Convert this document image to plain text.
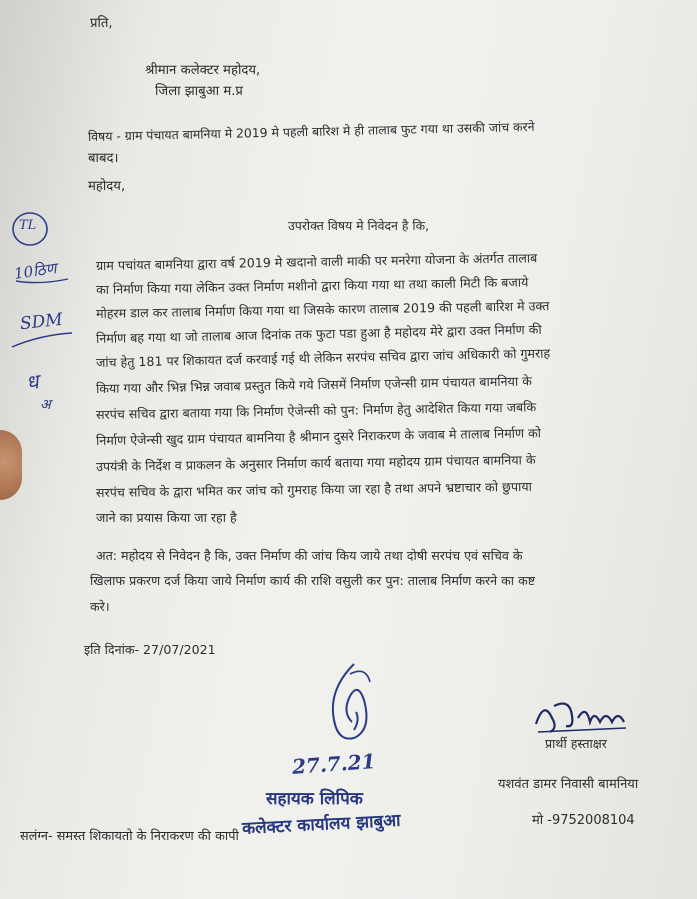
प्रति,
श्रीमान कलेक्टर महोदय,
जिला झाबुआ म.प्र
विषय - ग्राम पंचायत बामनिया मे 2019 मे पहली बारिश मे ही तालाब फुट गया था उसकी जांच करने
बाबद।
महोदय,
उपरोक्त विषय मे निवेदन है कि,
ग्राम पचांयत बामनिया द्वारा वर्ष 2019 मे खदानो वाली माकी पर मनरेगा योजना के अंतर्गत तालाब
का निर्माण किया गया लेकिन उक्त निर्माण मशीनो द्वारा किया गया था तथा काली मिटी कि बजाये
मोहरम डाल कर तालाब निर्माण किया गया था जिसके कारण तालाब 2019 की पहली बारिश मे उक्त
निर्माण बह गया था जो तालाब आज दिनांक तक फुटा पडा हुआ है महोदय मेरे द्वारा उक्त निर्माण की
जांच हेतु 181 पर शिकायत दर्ज करवाई गई थी लेकिन सरपंच सचिव द्वारा जांच अधिकारी को गुमराह
किया गया और भिन्न भिन्न जवाब प्रस्तुत किये गये जिसमें निर्माण एजेन्सी ग्राम पंचायत बामनिया के
सरपंच सचिव द्वारा बताया गया कि निर्माण ऐजेन्सी को पुन: निर्माण हेतु आदेशित किया गया जबकि
निर्माण ऐजेन्सी खुद ग्राम पंचायत बामनिया है श्रीमान दुसरे निराकरण के जवाब मे तालाब निर्माण को
उपयंत्री के निर्देश व प्राकलन के अनुसार निर्माण कार्य बताया गया महोदय ग्राम पंचायत बामनिया के
सरपंच सचिव के द्वारा भमित कर जांच को गुमराह किया जा रहा है तथा अपने भ्रष्टाचार को छुपाया
जाने का प्रयास किया जा रहा है
अत: महोदय से निवेदन है कि, उक्त निर्माण की जांच किय जाये तथा दोषी सरपंच एवं सचिव के
खिलाफ प्रकरण दर्ज किया जाये निर्माण कार्य की राशि वसुली कर पुन: तालाब निर्माण करने का कष्ट
करे।
इति दिनांक- 27/07/2021
TL
10ठिण
SDM
ध
अ
प्रार्थी हस्ताक्षर
यशवंत डामर निवासी बामनिया
मो -9752008104
27.7.21
सहायक लिपिक
कलेक्टर कार्यालय झाबुआ
सलंग्न- समस्त शिकायतो के निराकरण की कापी
